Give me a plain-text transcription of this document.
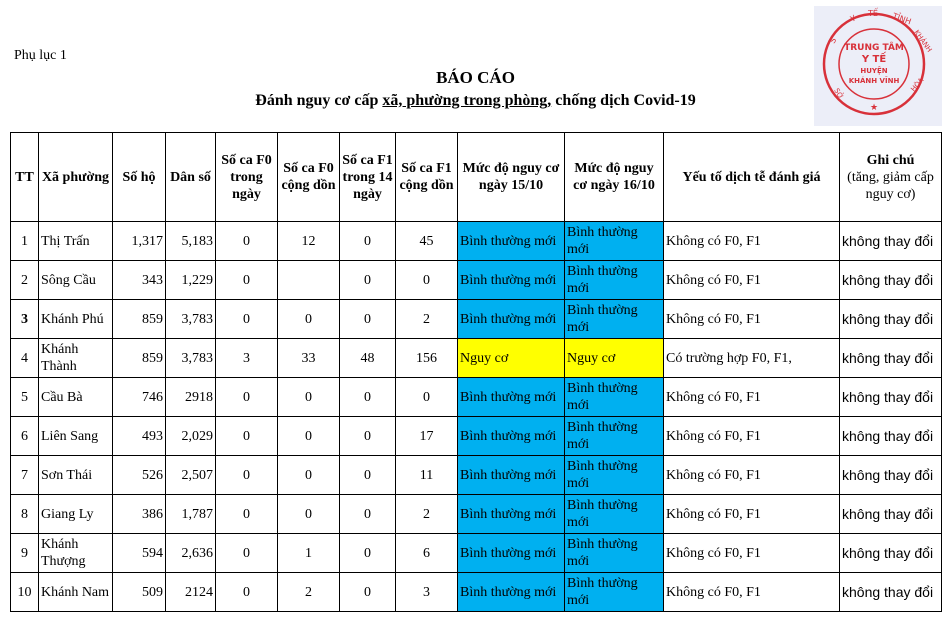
Phụ lục 1
BÁO CÁO
Đánh nguy cơ cấp xã, phường trong phòng, chống dịch Covid-19
S
Y
TẾ TỈNH
KHÁNH
HÒA
SỞ
★
TRUNG TÂM
Y TẾ
HUYỆN
KHÁNH VĨNH
TT	Xã phường	Số hộ	Dân số	Số ca F0 trong ngày	Số ca F0 cộng dồn	Số ca F1 trong 14 ngày	Số ca F1 cộng dồn	Mức độ nguy cơ ngày 15/10	Mức độ nguy cơ ngày 16/10	Yếu tố dịch tễ đánh giá	Ghi chú
(tăng, giảm cấp nguy cơ)

1	Thị Trấn	1,317	5,183	0	12	0	45	Bình thường mới	Bình thường mới	Không có F0, F1	không thay đổi
2	Sông Cầu	343	1,229	0		0	0	Bình thường mới	Bình thường mới	Không có F0, F1	không thay đổi
3	Khánh Phú	859	3,783	0	0	0	2	Bình thường mới	Bình thường mới	Không có F0, F1	không thay đổi
4	Khánh Thành	859	3,783	3	33	48	156	Nguy cơ	Nguy cơ	Có trường hợp F0, F1,	không thay đổi
5	Cầu Bà	746	2918	0	0	0	0	Bình thường mới	Bình thường mới	Không có F0, F1	không thay đổi
6	Liên Sang	493	2,029	0	0	0	17	Bình thường mới	Bình thường mới	Không có F0, F1	không thay đổi
7	Sơn Thái	526	2,507	0	0	0	11	Bình thường mới	Bình thường mới	Không có F0, F1	không thay đổi
8	Giang Ly	386	1,787	0	0	0	2	Bình thường mới	Bình thường mới	Không có F0, F1	không thay đổi
9	Khánh Thượng	594	2,636	0	1	0	6	Bình thường mới	Bình thường mới	Không có F0, F1	không thay đổi
10	Khánh Nam	509	2124	0	2	0	3	Bình thường mới	Bình thường mới	Không có F0, F1	không thay đổi
